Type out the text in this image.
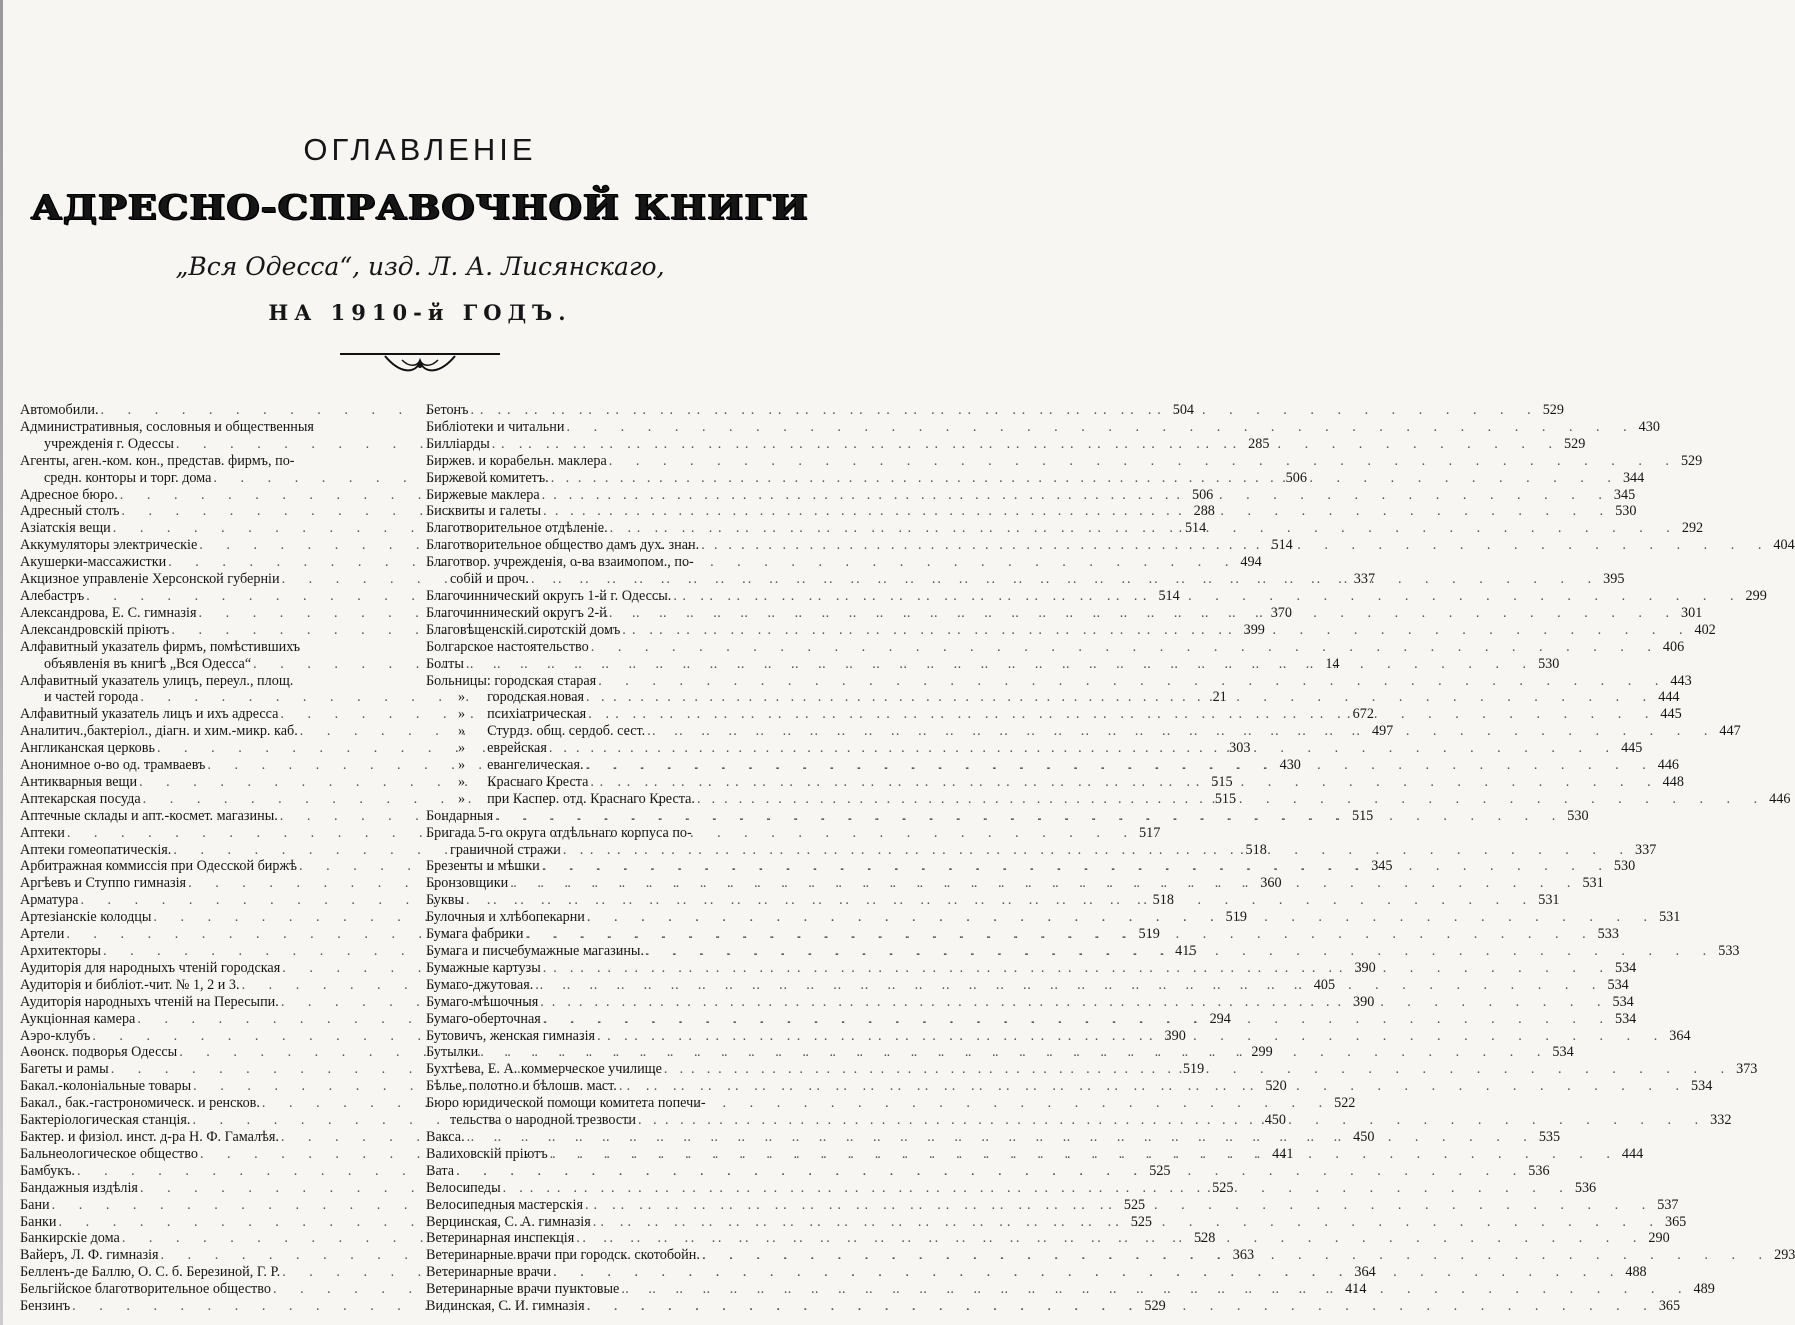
ОГЛАВЛЕНІЕ
АДРЕСНО-СПРАВОЧНОЙ КНИГИ
„Вся Одесса“, изд. Л. А. Лисянскаго,
НА 1910-й ГОДЪ.
Автомобили. . . .	504
Административныя, сословныя и общественныя
учрежденія г. Одессы . . .	285
Агенты, аген.-ком. кон., представ. фирмъ, по-
средн. конторы и торг. дома . . .	506
Адресное бюро. . . .	506
Адресный столъ . . .	288
Азіатскія вещи . . .	514
Аккумуляторы электрическіе . . .	514
Акушерки-массажистки . . .	494
Акцизное управленіе Херсонской губерніи . . .	337
Алебастръ . . .	514
Александрова, Е. С. гимназія . . .	370
Александровскій пріютъ . . .	399
Алфавитный указатель фирмъ, помѣстившихъ
объявленія въ книгѣ „Вся Одесса“ . . .	14
Алфавитный указатель улицъ, переул., площ.
и частей города . . .	21
Алфавитный указатель лицъ и ихъ адресса . . .	672
Аналитич.,бактеріол., діагн. и хим.-микр. каб. . . .	497
Англиканская церковь . . .	303
Анонимное о-во од. трамваевъ . . .	430
Антикварныя вещи . . .	515
Аптекарская посуда . . .	515
Аптечные склады и апт.-космет. магазины. . . .	515
Аптеки . . .	517
Аптеки гомеопатическія. . . .	518
Арбитражная коммиссія при Одесской биржѣ . . .	345
Аргѣевъ и Ступпо гимназія . . .	360
Арматура . . .	518
Артезіанскіе колодцы . . .	519
Артели . . .	519
Архитекторы . . .	415
Аудиторія для народныхъ чтеній городская . . .	390
Аудиторія и библіот.-чит. № 1, 2 и 3. . . .	405
Аудиторія народныхъ чтеній на Пересыпи. . . .	390
Аукціонная камера . . .	294
Аэро-клубъ . . .	390
Аѳонск. подворья Одессы . . .	299
Багеты и рамы . . .	519
Бакал.-колоніальные товары . . .	520
Бакал., бак.-гастрономическ. и ренсков. . . .	522
Бактеріологическая станція. . . .	450
Бактер. и физіол. инст. д-ра Н. Ф. Гамалѣя. . . .	450
Бальнеологическое общество . . .	441
Бамбукъ. . . .	525
Бандажныя издѣлія . . .	525
Бани . . .	525
Банки . . .	525
Банкирскіе дома . . .	528
Вайеръ, Л. Ф. гимназія . . .	363
Белленъ-де Баллю, О. С. б. Березиной, Г. Р. . . .	364
Бельгійское благотворительное общество . . .	414
Бензинъ . . .	529
Бетонъ . . .	529
Библіотеки и читальни . . .	430
Билліарды . . .	529
Биржев. и корабельн. маклера . . .	529
Биржевой комитетъ. . . .	344
Биржевые маклера . . .	345
Бисквиты и галеты . . .	530
Благотворительное отдѣленіе. . . .	292
Благотворительное общество дамъ дух. знан. . . .	404
Благотвор. учрежденія, о-ва взаимопом., по-
собій и проч. . . .	395
Благочиннический округъ 1-й г. Одессы. . . .	299
Благочиннический округъ 2-й . . .	301
Благовѣщенскій сиротскій домъ . . .	402
Болгарское настоятельство . . .	406
Болты . . .	530
Больницы: городская старая . . .	443
» городская новая . . .	444
» психіатрическая . . .	445
» Стурдз. общ. сердоб. сест. . . .	447
» еврейская . . .	445
» евангелическая. . . .	446
» Краснаго Креста . . .	448
» при Каспер. отд. Краснаго Креста. . . .	446
Бондарныя . . .	530
Бригада 5-го округа отдѣльнаго корпуса по-
граничной стражи . . .	337
Брезенты и мѣшки . . .	530
Бронзовщики . . .	531
Буквы . . .	531
Булочныя и хлѣбопекарни . . .	531
Бумага фабрики . . .	533
Бумага и писчебумажные магазины. . . .	533
Бумажные картузы . . .	534
Бумаго-джутовая. . . .	534
Бумаго-мѣшочныя . . .	534
Бумаго-оберточная . . .	534
Бутовичъ, женская гимназія . . .	364
Бутылки . . .	534
Бухтѣева, Е. А. коммерческое училище . . .	373
Бѣлье, полотно и бѣлошв. маст. . . .	534
Бюро юридической помощи комитета попечи-
тельства о народной трезвости . . .	332
Вакса. . . .	535
Валиховскій пріютъ . . .	444
Вата . . .	536
Велосипеды . . .	536
Велосипедныя мастерскія . . .	537
Верцинская, С. А. гимназія . . .	365
Ветеринарная инспекція . . .	290
Ветеринарные врачи при городск. скотобойн. . . .	293
Ветеринарные врачи . . .	488
Ветеринарные врачи пунктовые . . .	489
Видинская, С. И. гимназія . . .	365
